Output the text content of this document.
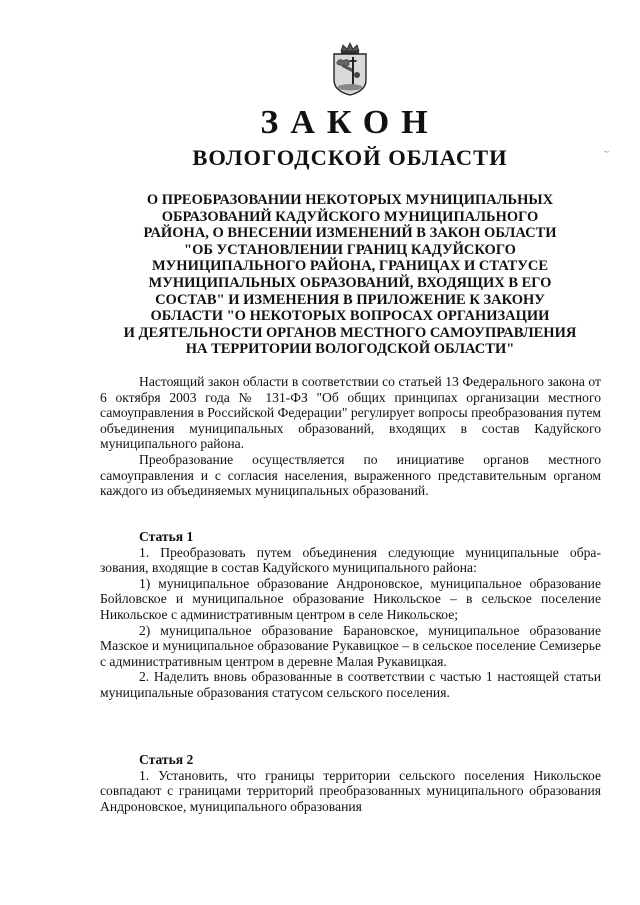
ЗАКОН
ВОЛОГОДСКОЙ ОБЛАСТИ
О ПРЕОБРАЗОВАНИИ НЕКОТОРЫХ МУНИЦИПАЛЬНЫХ
ОБРАЗОВАНИЙ КАДУЙСКОГО МУНИЦИПАЛЬНОГО
РАЙОНА, О ВНЕСЕНИИ ИЗМЕНЕНИЙ В ЗАКОН ОБЛАСТИ
"ОБ УСТАНОВЛЕНИИ ГРАНИЦ КАДУЙСКОГО
МУНИЦИПАЛЬНОГО РАЙОНА, ГРАНИЦАХ И СТАТУСЕ
МУНИЦИПАЛЬНЫХ ОБРАЗОВАНИЙ, ВХОДЯЩИХ В ЕГО
СОСТАВ" И ИЗМЕНЕНИЯ В ПРИЛОЖЕНИЕ К ЗАКОНУ
ОБЛАСТИ "О НЕКОТОРЫХ ВОПРОСАХ ОРГАНИЗАЦИИ
И ДЕЯТЕЛЬНОСТИ ОРГАНОВ МЕСТНОГО САМОУПРАВЛЕНИЯ
НА ТЕРРИТОРИИ ВОЛОГОДСКОЙ ОБЛАСТИ"

Настоящий закон области в соответствии со статьей 13 Федерального закона от 6 октября 2003 года № 131-ФЗ "Об общих принципах организации местного самоуправления в Российской Федерации" регулирует вопросы преобразования путем объединения муниципальных образований, входящих в состав Кадуйского муниципального района.

Преобразование осуществляется по инициативе органов местного самоуправления и с согласия населения, выраженного представительным органом каждого из объединяемых муниципальных образований.

Статья 1

1. Преобразовать путем объединения следующие муниципальные обра-зования, входящие в состав Кадуйского муниципального района:

1) муниципальное образование Андроновское, муниципальное образование Бойловское и муниципальное образование Никольское – в сельское поселение Никольское с административным центром в селе Никольское;

2) муниципальное образование Барановское, муниципальное образование Мазское и муниципальное образование Рукавицкое – в сельское поселение Семизерье с административным центром в деревне Малая Рукавицкая.

2. Наделить вновь образованные в соответствии с частью 1 настоящей статьи муниципальные образования статусом сельского поселения.

Статья 2

1. Установить, что границы территории сельского поселения Никольское совпадают с границами территорий преобразованных муниципального образования Андроновское, муниципального образования

~
